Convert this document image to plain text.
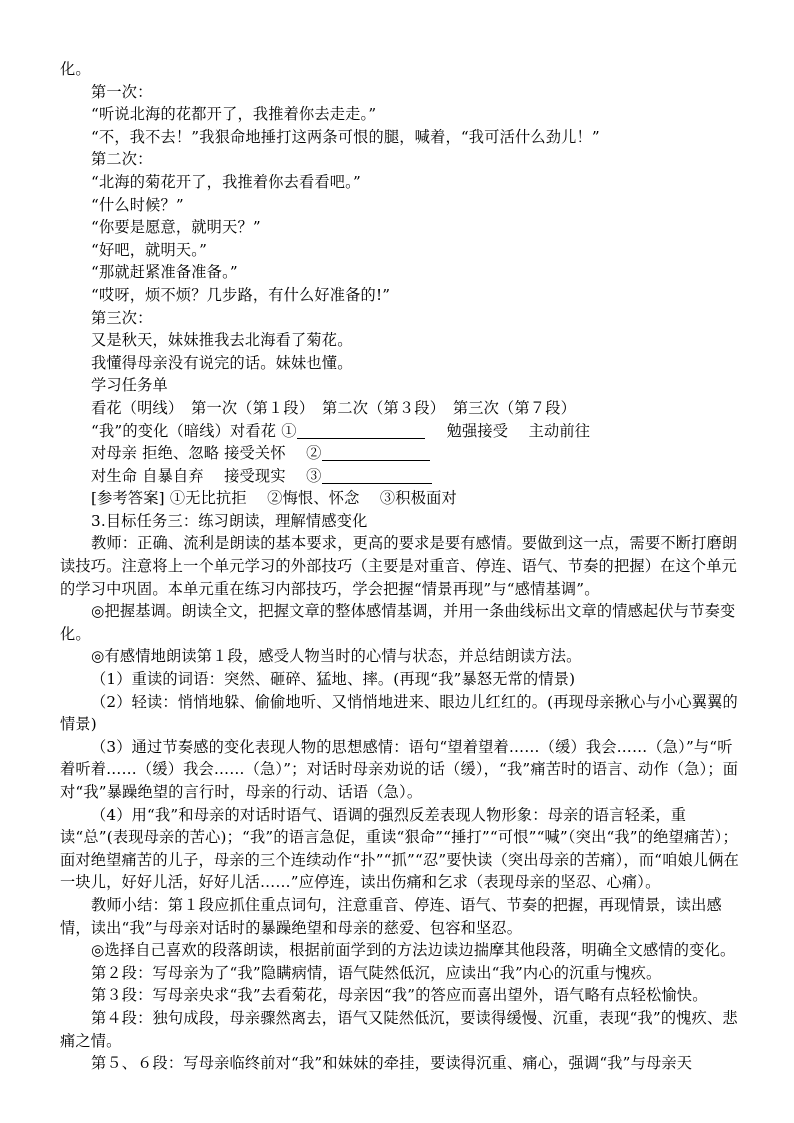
化。

第一次：

“听说北海的花都开了，我推着你去走走。”

“不，我不去！”我狠命地捶打这两条可恨的腿，喊着，“我可活什么劲儿！”

第二次：

“北海的菊花开了，我推着你去看看吧。”

“什么时候？”

“你要是愿意，就明天？”

“好吧，就明天。”

“那就赶紧准备准备。”

“哎呀，烦不烦？几步路，有什么好准备的!”

第三次：

又是秋天，妹妹推我去北海看了菊花。

我懂得母亲没有说完的话。妹妹也懂。

学习任务单

看花（明线）　第一次（第１段）　第二次（第３段）　第三次（第７段）

“我”的变化（暗线）对看花 ①	勉强接受　 主动前往

对母亲 拒绝、忽略 接受关怀　 ②

对生命 自暴自弃 　接受现实　 ③

[参考答案] ①无比抗拒　 ②悔恨、怀念　 ③积极面对

3.目标任务三：练习朗读，理解情感变化

教师：正确、流利是朗读的基本要求，更高的要求是要有感情。要做到这一点，需要不断打磨朗读技巧。注意将上一个单元学习的外部技巧（主要是对重音、停连、语气、节奏的把握）在这个单元的学习中巩固。本单元重在练习内部技巧，学会把握“情景再现”与“感情基调”。

◎把握基调。朗读全文，把握文章的整体感情基调，并用一条曲线标出文章的情感起伏与节奏变化。

◎有感情地朗读第１段，感受人物当时的心情与状态，并总结朗读方法。

（1）重读的词语：突然、砸碎、猛地、摔。(再现“我”暴怒无常的情景)

（2）轻读：悄悄地躲、偷偷地听、又悄悄地进来、眼边儿红红的。(再现母亲揪心与小心翼翼的情景)

（3）通过节奏感的变化表现人物的思想感情：语句“望着望着……（缓）我会……（急）”与“听着听着……（缓）我会……（急）”；对话时母亲劝说的话（缓），“我”痛苦时的语言、动作（急）；面对“我”暴躁绝望的言行时，母亲的行动、话语（急）。

（4）用“我”和母亲的对话时语气、语调的强烈反差表现人物形象：母亲的语言轻柔，重读“总”(表现母亲的苦心)；“我”的语言急促，重读“狠命”“捶打”“可恨”“喊”（突出“我”的绝望痛苦）；面对绝望痛苦的儿子，母亲的三个连续动作“扑”“抓”“忍”要快读（突出母亲的苦痛），而“咱娘儿俩在一块儿，好好儿活，好好儿活……”应停连，读出伤痛和乞求（表现母亲的坚忍、心痛）。

教师小结：第１段应抓住重点词句，注意重音、停连、语气、节奏的把握，再现情景，读出感情，读出“我”与母亲对话时的暴躁绝望和母亲的慈爱、包容和坚忍。

◎选择自己喜欢的段落朗读，根据前面学到的方法边读边揣摩其他段落，明确全文感情的变化。

第２段：写母亲为了“我”隐瞒病情，语气陡然低沉，应读出“我”内心的沉重与愧疚。

第３段：写母亲央求“我”去看菊花，母亲因“我”的答应而喜出望外，语气略有点轻松愉快。

第４段：独句成段，母亲骤然离去，语气又陡然低沉，要读得缓慢、沉重，表现“我”的愧疚、悲痛之情。

第５、６段：写母亲临终前对“我”和妹妹的牵挂，要读得沉重、痛心，强调“我”与母亲天
